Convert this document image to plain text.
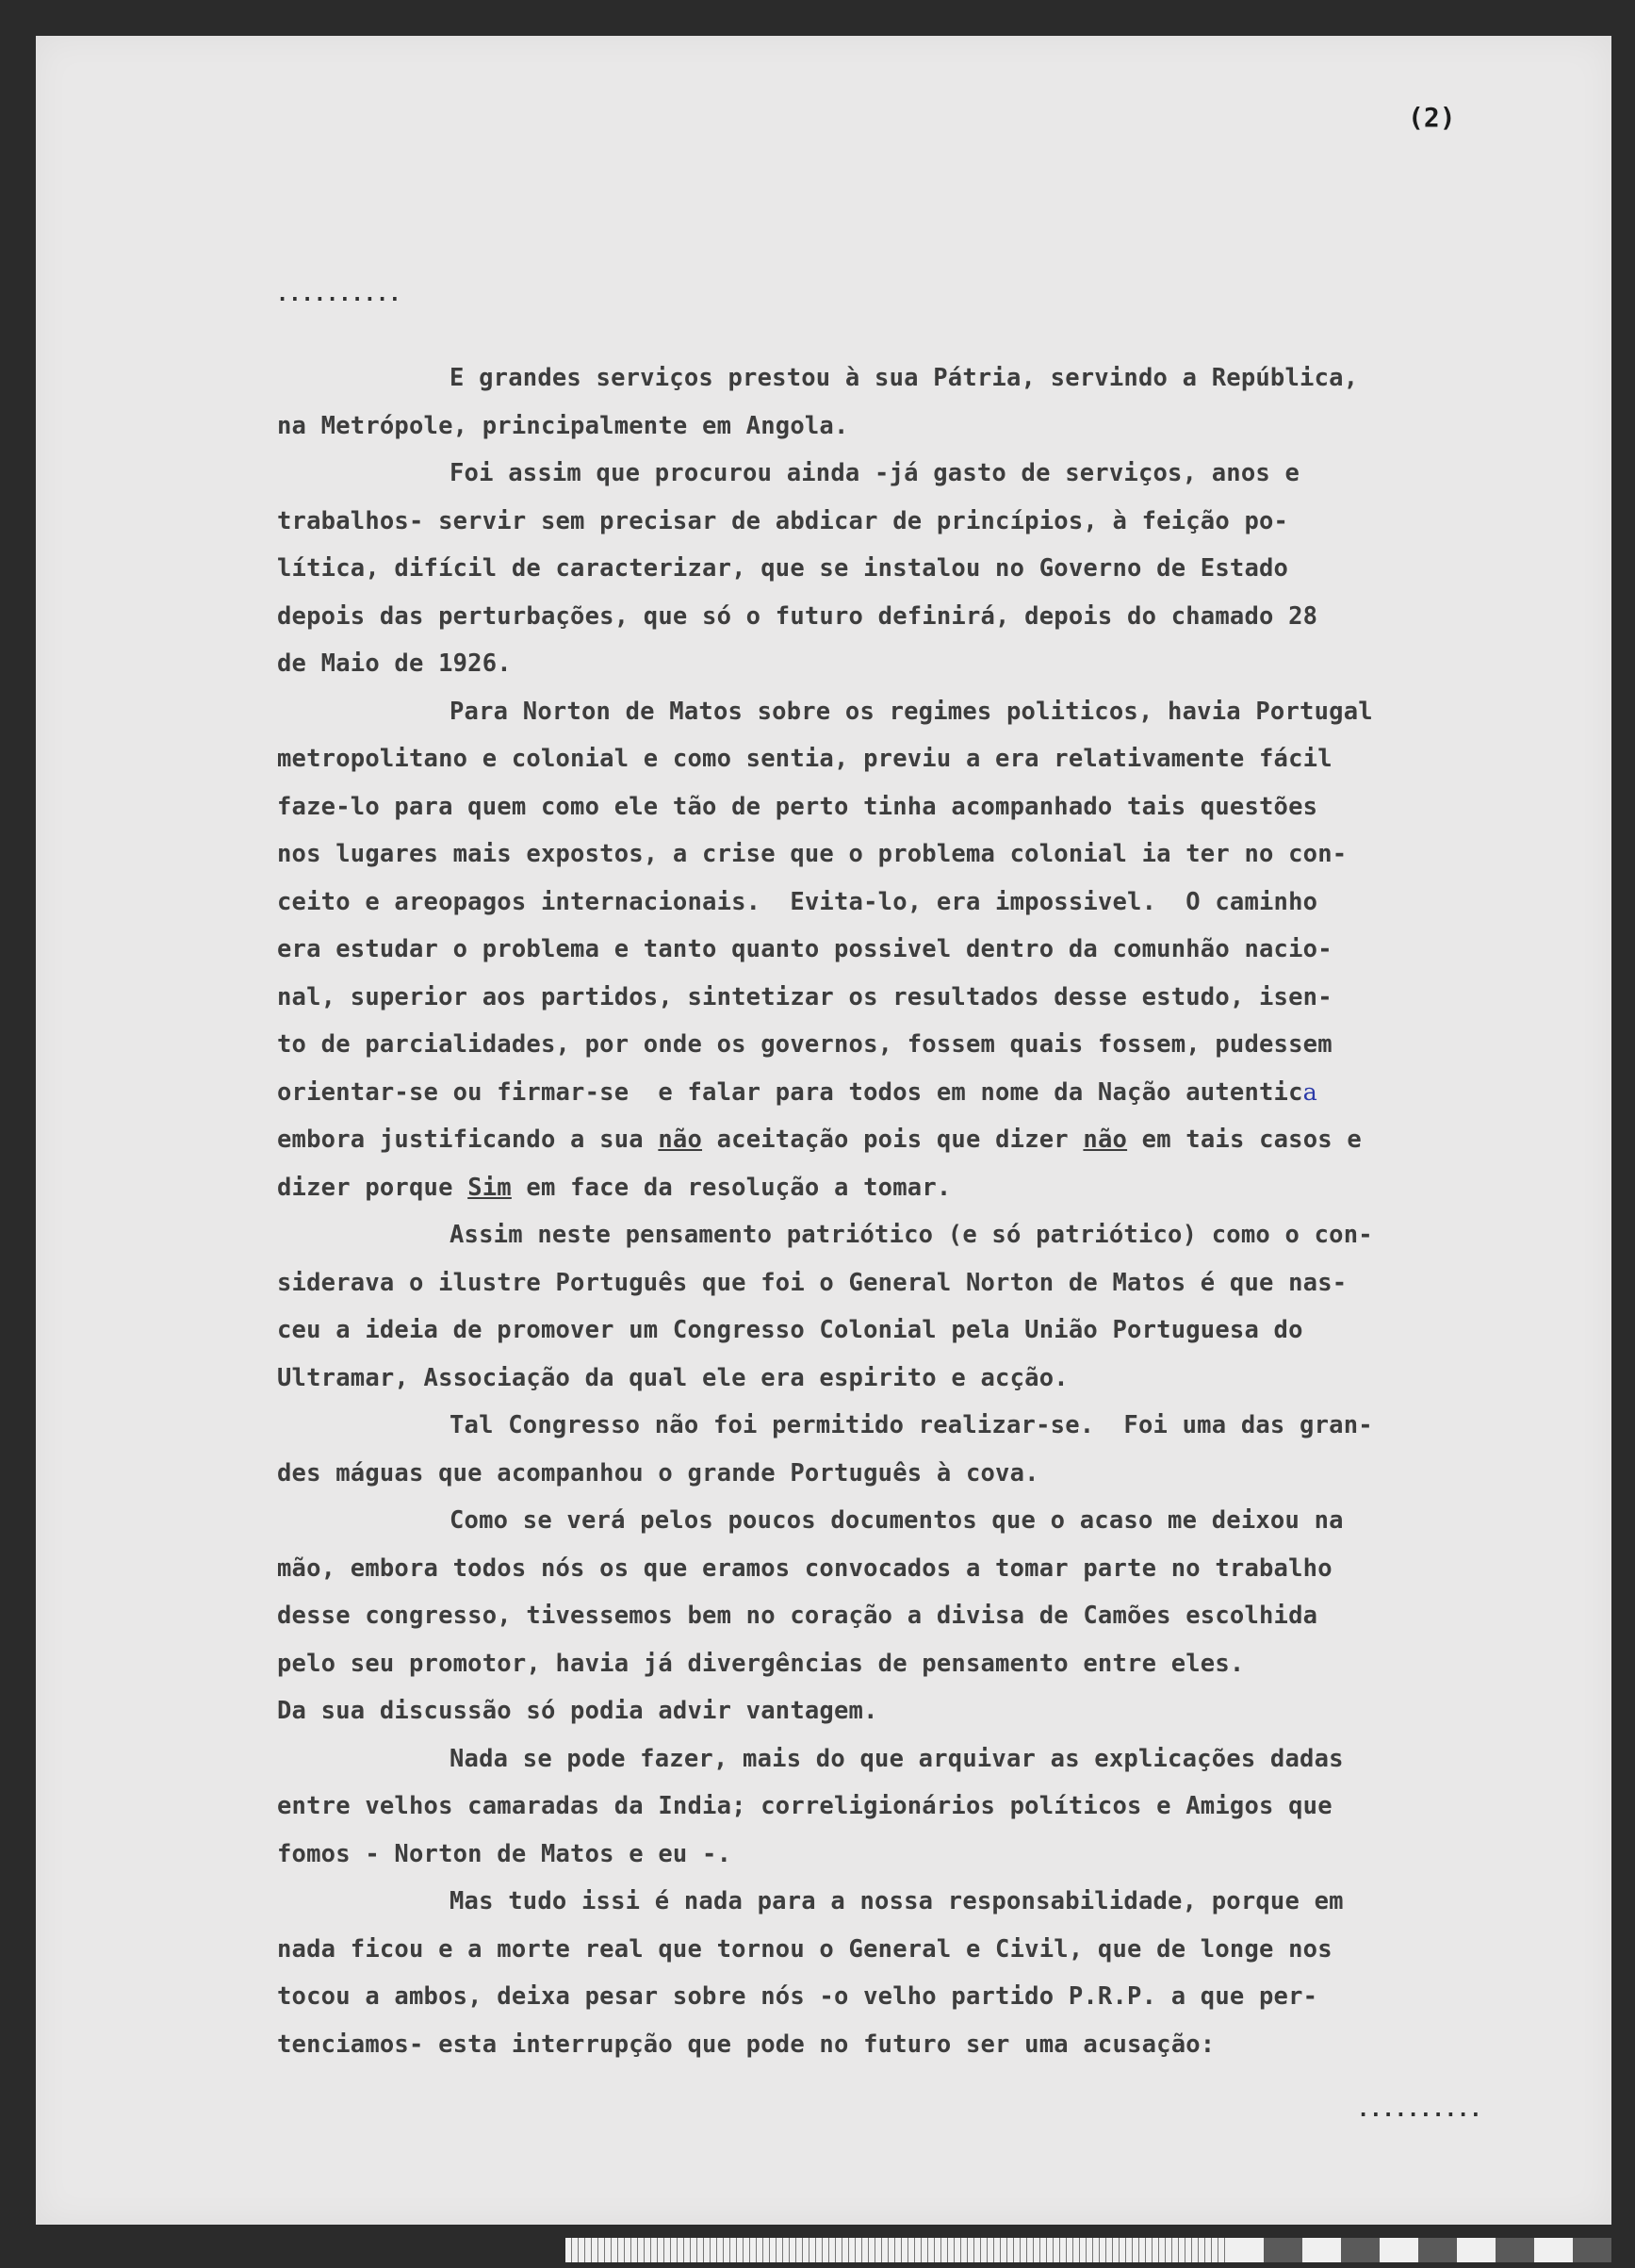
(2)
..........
E grandes serviços prestou à sua Pátria, servindo a República,
na Metrópole, principalmente em Angola.
Foi assim que procurou ainda -já gasto de serviços, anos e
trabalhos- servir sem precisar de abdicar de princípios, à feição po-
lítica, difícil de caracterizar, que se instalou no Governo de Estado
depois das perturbações, que só o futuro definirá, depois do chamado 28
de Maio de 1926.
Para Norton de Matos sobre os regimes politicos, havia Portugal
metropolitano e colonial e como sentia, previu a era relativamente fácil
faze-lo para quem como ele tão de perto tinha acompanhado tais questões
nos lugares mais expostos, a crise que o problema colonial ia ter no con-
ceito e areopagos internacionais.  Evita-lo, era impossivel.  O caminho
era estudar o problema e tanto quanto possivel dentro da comunhão nacio-
nal, superior aos partidos, sintetizar os resultados desse estudo, isen-
to de parcialidades, por onde os governos, fossem quais fossem, pudessem
orientar-se ou firmar-se  e falar para todos em nome da Nação autentica
embora justificando a sua não aceitação pois que dizer não em tais casos e
dizer porque Sim em face da resolução a tomar.
Assim neste pensamento patriótico (e só patriótico) como o con-
siderava o ilustre Português que foi o General Norton de Matos é que nas-
ceu a ideia de promover um Congresso Colonial pela União Portuguesa do
Ultramar, Associação da qual ele era espirito e acção.
Tal Congresso não foi permitido realizar-se.  Foi uma das gran-
des máguas que acompanhou o grande Português à cova.
Como se verá pelos poucos documentos que o acaso me deixou na
mão, embora todos nós os que eramos convocados a tomar parte no trabalho
desse congresso, tivessemos bem no coração a divisa de Camões escolhida
pelo seu promotor, havia já divergências de pensamento entre eles.
Da sua discussão só podia advir vantagem.
Nada se pode fazer, mais do que arquivar as explicações dadas
entre velhos camaradas da India; correligionários políticos e Amigos que
fomos - Norton de Matos e eu -.
Mas tudo issi é nada para a nossa responsabilidade, porque em
nada ficou e a morte real que tornou o General e Civil, que de longe nos
tocou a ambos, deixa pesar sobre nós -o velho partido P.R.P. a que per-
tenciamos- esta interrupção que pode no futuro ser uma acusação:
..........
